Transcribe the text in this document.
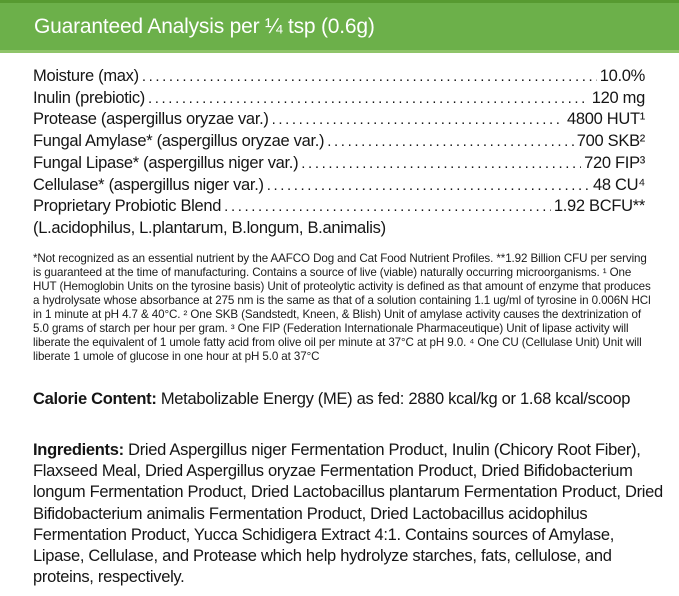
Guaranteed Analysis per ¼ tsp (0.6g)
Moisture (max) .....	10.0%
Inulin (prebiotic) .....	120 mg
Protease (aspergillus oryzae var.) .....	4800 HUT¹
Fungal Amylase* (aspergillus oryzae var.) .....	700 SKB²
Fungal Lipase* (aspergillus niger var.) .....	720 FIP³
Cellulase* (aspergillus niger var.) .....	48 CU⁴
Proprietary Probiotic Blend .....	1.92 BCFU**
(L.acidophilus, L.plantarum, B.longum, B.animalis)
*Not recognized as an essential nutrient by the AAFCO Dog and Cat Food Nutrient Profiles. **1.92 Billion CFU per serving is guaranteed at the time of manufacturing. Contains a source of live (viable) naturally occurring microorganisms. ¹ One HUT (Hemoglobin Units on the tyrosine basis) Unit of proteolytic activity is defined as that amount of enzyme that produces a hydrolysate whose absorbance at 275 nm is the same as that of a solution containing 1.1 ug/ml of tyrosine in 0.006N HCl in 1 minute at pH 4.7 & 40°C. ² One SKB (Sandstedt, Kneen, & Blish) Unit of amylase activity causes the dextrinization of 5.0 grams of starch per hour per gram. ³ One FIP (Federation Internationale Pharmaceutique) Unit of lipase activity will liberate the equivalent of 1 umole fatty acid from olive oil per minute at 37°C at pH 9.0. ⁴ One CU (Cellulase Unit) Unit will liberate 1 umole of glucose in one hour at pH 5.0 at 37°C
Calorie Content: Metabolizable Energy (ME) as fed: 2880 kcal/kg or 1.68 kcal/scoop
Ingredients: Dried Aspergillus niger Fermentation Product, Inulin (Chicory Root Fiber), Flaxseed Meal, Dried Aspergillus oryzae Fermentation Product, Dried Bifidobacterium longum Fermentation Product, Dried Lactobacillus plantarum Fermentation Product, Dried Bifidobacterium animalis Fermentation Product, Dried Lactobacillus acidophilus Fermentation Product, Yucca Schidigera Extract 4:1. Contains sources of Amylase, Lipase, Cellulase, and Protease which help hydrolyze starches, fats, cellulose, and proteins, respectively.
